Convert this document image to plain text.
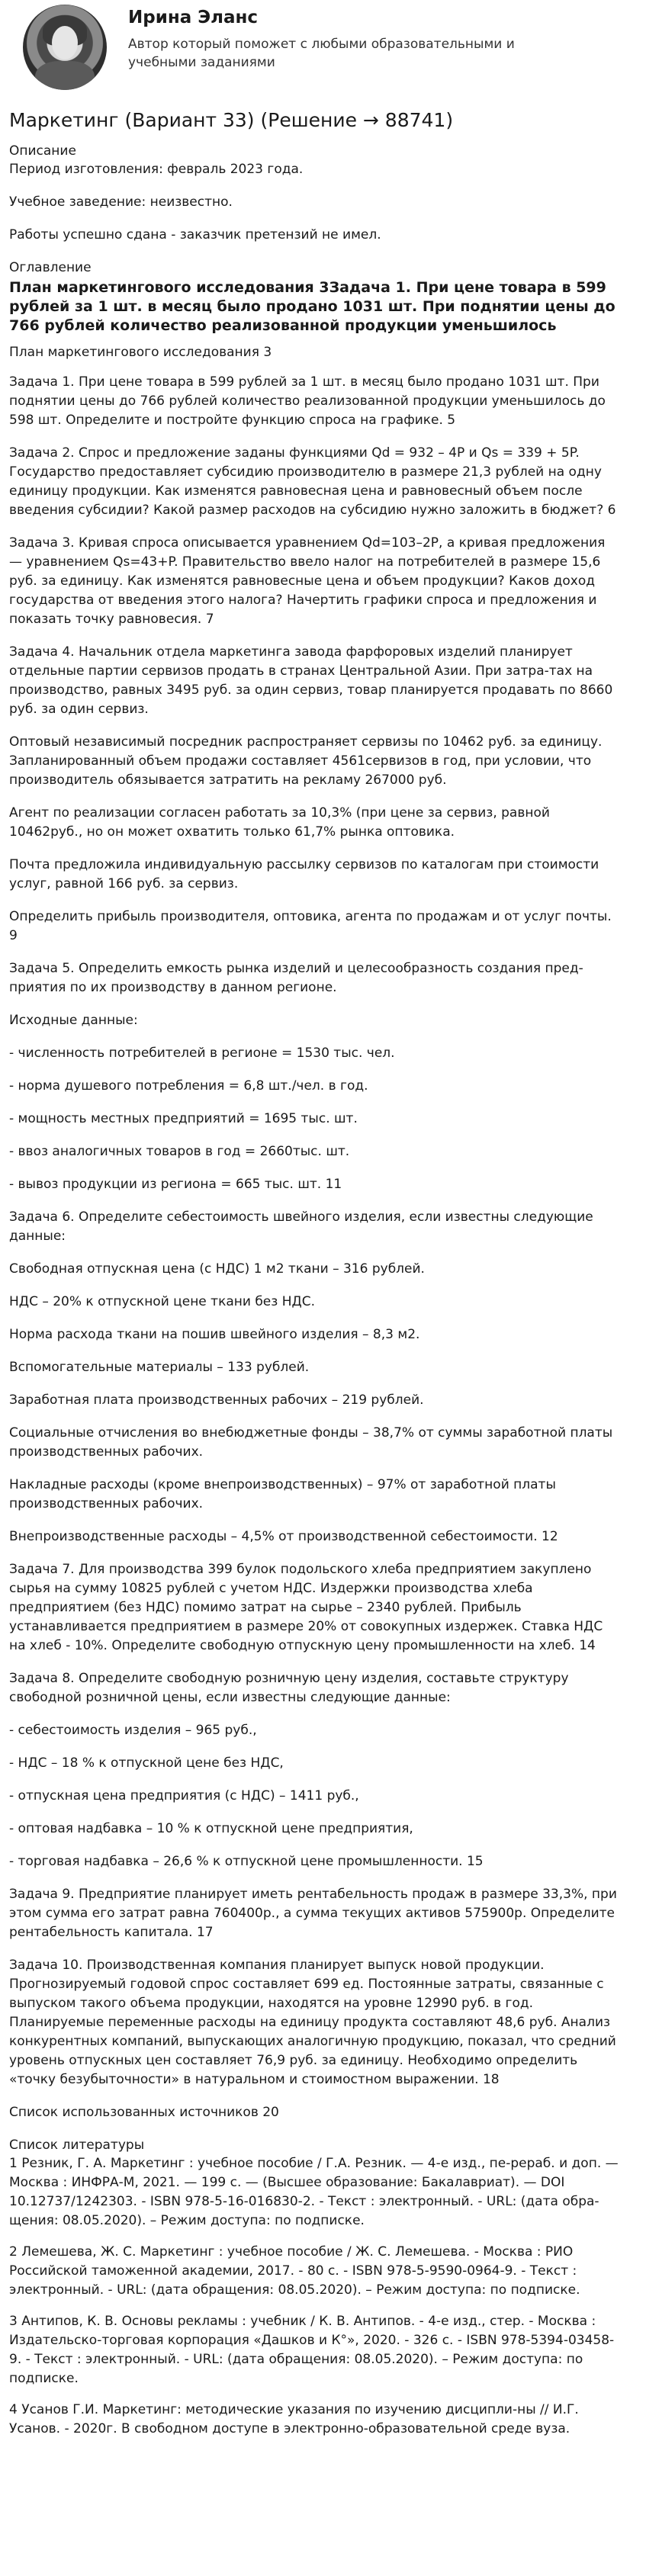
Ирина Эланс
Автор который поможет с любыми образовательными и учебными заданиями
Маркетинг (Вариант 33) (Решение → 88741)
Описание

Период изготовления: февраль 2023 года.

Учебное заведение: неизвестно.

Работы успешно сдана - заказчик претензий не имел.

Оглавление
План маркетингового исследования 3Задача 1. При цене товара в 599 рублей за 1 шт. в месяц было продано 1031 шт. При поднятии цены до 766 рублей количество реализованной продукции уменьшилось

План маркетингового исследования 3

Задача 1. При цене товара в 599 рублей за 1 шт. в месяц было продано 1031 шт. При поднятии цены до 766 рублей количество реализованной продукции уменьшилось до 598 шт. Определите и постройте функцию спроса на графике. 5

Задача 2. Спрос и предложение заданы функциями Qd = 932 – 4P и Qs = 339 + 5P. Государство предоставляет субсидию производителю в размере 21,3 рублей на одну единицу продукции. Как изменятся равновесная цена и равновесный объем после введения субсидии? Какой размер расходов на субсидию нужно заложить в бюджет? 6

Задача 3. Кривая спроса описывается уравнением Qd=103–2P, а кривая предложения — уравнением Qs=43+P. Правительство ввело налог на потребителей в размере 15,6 руб. за единицу. Как изменятся равновесные цена и объем продукции? Каков доход государства от введения этого налога? Начертить графики спроса и предложения и показать точку равновесия. 7

Задача 4. Начальник отдела маркетинга завода фарфоровых изделий планирует отдельные партии сервизов продать в странах Центральной Азии. При затра-тах на производство, равных 3495 руб. за один сервиз, товар планируется продавать по 8660 руб. за один сервиз.

Оптовый независимый посредник распространяет сервизы по 10462 руб. за единицу. Запланированный объем продажи составляет 4561сервизов в год, при условии, что производитель обязывается затратить на рекламу 267000 руб.

Агент по реализации согласен работать за 10,3% (при цене за сервиз, равной 10462руб., но он может охватить только 61,7% рынка оптовика.

Почта предложила индивидуальную рассылку сервизов по каталогам при стоимости услуг, равной 166 руб. за сервиз.

Определить прибыль производителя, оптовика, агента по продажам и от услуг почты. 9

Задача 5. Определить емкость рынка изделий и целесообразность создания пред-приятия по их производству в данном регионе.

Исходные данные:

- численность потребителей в регионе = 1530 тыс. чел.

- норма душевого потребления = 6,8 шт./чел. в год.

- мощность местных предприятий = 1695 тыс. шт.

- ввоз аналогичных товаров в год = 2660тыс. шт.

- вывоз продукции из региона = 665 тыс. шт. 11

Задача 6. Определите себестоимость швейного изделия, если известны следующие данные:

Свободная отпускная цена (с НДС) 1 м2 ткани – 316 рублей.

НДС – 20% к отпускной цене ткани без НДС.

Норма расхода ткани на пошив швейного изделия – 8,3 м2.

Вспомогательные материалы – 133 рублей.

Заработная плата производственных рабочих – 219 рублей.

Социальные отчисления во внебюджетные фонды – 38,7% от суммы заработной платы производственных рабочих.

Накладные расходы (кроме внепроизводственных) – 97% от заработной платы производственных рабочих.

Внепроизводственные расходы – 4,5% от производственной себестоимости. 12

Задача 7. Для производства 399 булок подольского хлеба предприятием закуплено сырья на сумму 10825 рублей с учетом НДС. Издержки производства хлеба предприятием (без НДС) помимо затрат на сырье – 2340 рублей. Прибыль устанавливается предприятием в размере 20% от совокупных издержек. Ставка НДС на хлеб - 10%. Определите свободную отпускную цену промышленности на хлеб. 14

Задача 8. Определите свободную розничную цену изделия, составьте структуру свободной розничной цены, если известны следующие данные:

- себестоимость изделия – 965 руб.,

- НДС – 18 % к отпускной цене без НДС,

- отпускная цена предприятия (с НДС) – 1411 руб.,

- оптовая надбавка – 10 % к отпускной цене предприятия,

- торговая надбавка – 26,6 % к отпускной цене промышленности. 15

Задача 9. Предприятие планирует иметь рентабельность продаж в размере 33,3%, при этом сумма его затрат равна 760400р., а сумма текущих активов 575900р. Определите рентабельность капитала. 17

Задача 10. Производственная компания планирует выпуск новой продукции. Прогнозируемый годовой спрос составляет 699 ед. Постоянные затраты, связанные с выпуском такого объема продукции, находятся на уровне 12990 руб. в год. Планируемые переменные расходы на единицу продукта составляют 48,6 руб. Анализ конкурентных компаний, выпускающих аналогичную продукцию, показал, что средний уровень отпускных цен составляет 76,9 руб. за единицу. Необходимо определить «точку безубыточности» в натуральном и стоимостном выражении. 18

Список использованных источников 20

Список литературы

1 Резник, Г. А. Маркетинг : учебное пособие / Г.А. Резник. — 4-е изд., пе-рераб. и доп. — Москва : ИНФРА-М, 2021. — 199 с. — (Высшее образование: Бакалавриат). — DOI 10.12737/1242303. - ISBN 978-5-16-016830-2. - Текст : электронный. - URL: (дата обра-щения: 08.05.2020). – Режим доступа: по подписке.

2 Лемешева, Ж. С. Маркетинг : учебное пособие / Ж. С. Лемешева. - Москва : РИО Российской таможенной академии, 2017. - 80 с. - ISBN 978-5-9590-0964-9. - Текст : электронный. - URL: (дата обращения: 08.05.2020). – Режим доступа: по подписке.

3 Антипов, К. В. Основы рекламы : учебник / К. В. Антипов. - 4-е изд., стер. - Москва : Издательско-торговая корпорация «Дашков и К°», 2020. - 326 с. - ISBN 978-5394-03458-9. - Текст : электронный. - URL: (дата обращения: 08.05.2020). – Режим доступа: по подписке.

4 Усанов Г.И. Маркетинг: методические указания по изучению дисципли-ны // И.Г. Усанов. - 2020г. В свободном доступе в электронно-образовательной среде вуза.
